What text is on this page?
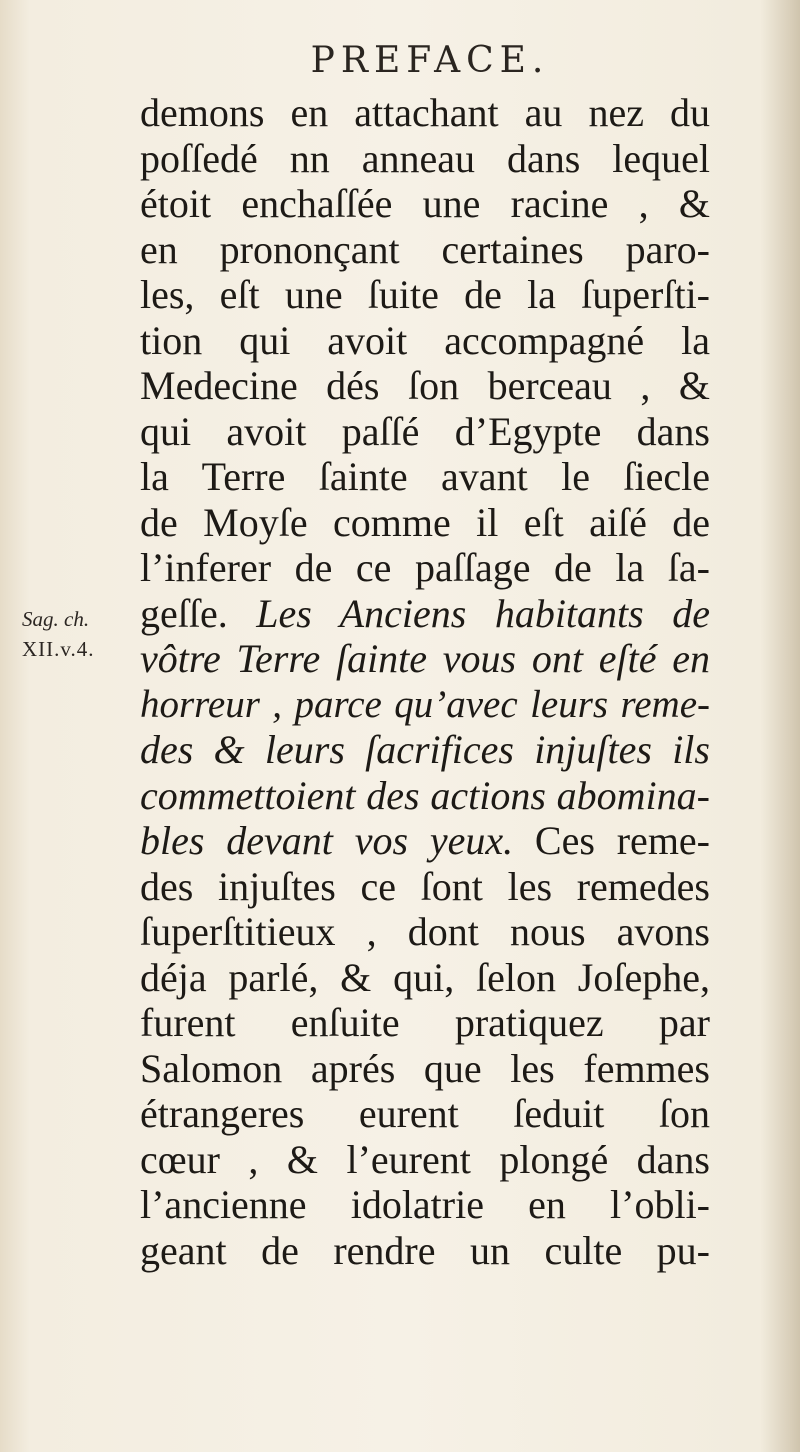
PREFACE.
Sag. ch.
XII.v.4.
demons en attachant au nez du
poſſedé nn anneau dans lequel
étoit enchaſſée une racine , &
en prononçant certaines paro-
les, eſt une ſuite de la ſuperſti-
tion qui avoit accompagné la
Medecine dés ſon berceau , &
qui avoit paſſé d’Egypte dans
la Terre ſainte avant le ſiecle
de Moyſe comme il eſt aiſé de
l’inferer de ce paſſage de la ſa-
geſſe. Les Anciens habitants de
vôtre Terre ſainte vous ont eſté en
horreur , parce qu’avec leurs reme-
des & leurs ſacrifices injuſtes ils
commettoient des actions abomina-
bles devant vos yeux. Ces reme-
des injuſtes ce ſont les remedes
ſuperſtitieux , dont nous avons
déja parlé, & qui, ſelon Joſephe,
furent enſuite pratiquez par
Salomon aprés que les femmes
étrangeres eurent ſeduit ſon
cœur , & l’eurent plongé dans
l’ancienne idolatrie en l’obli-
geant de rendre un culte pu-
